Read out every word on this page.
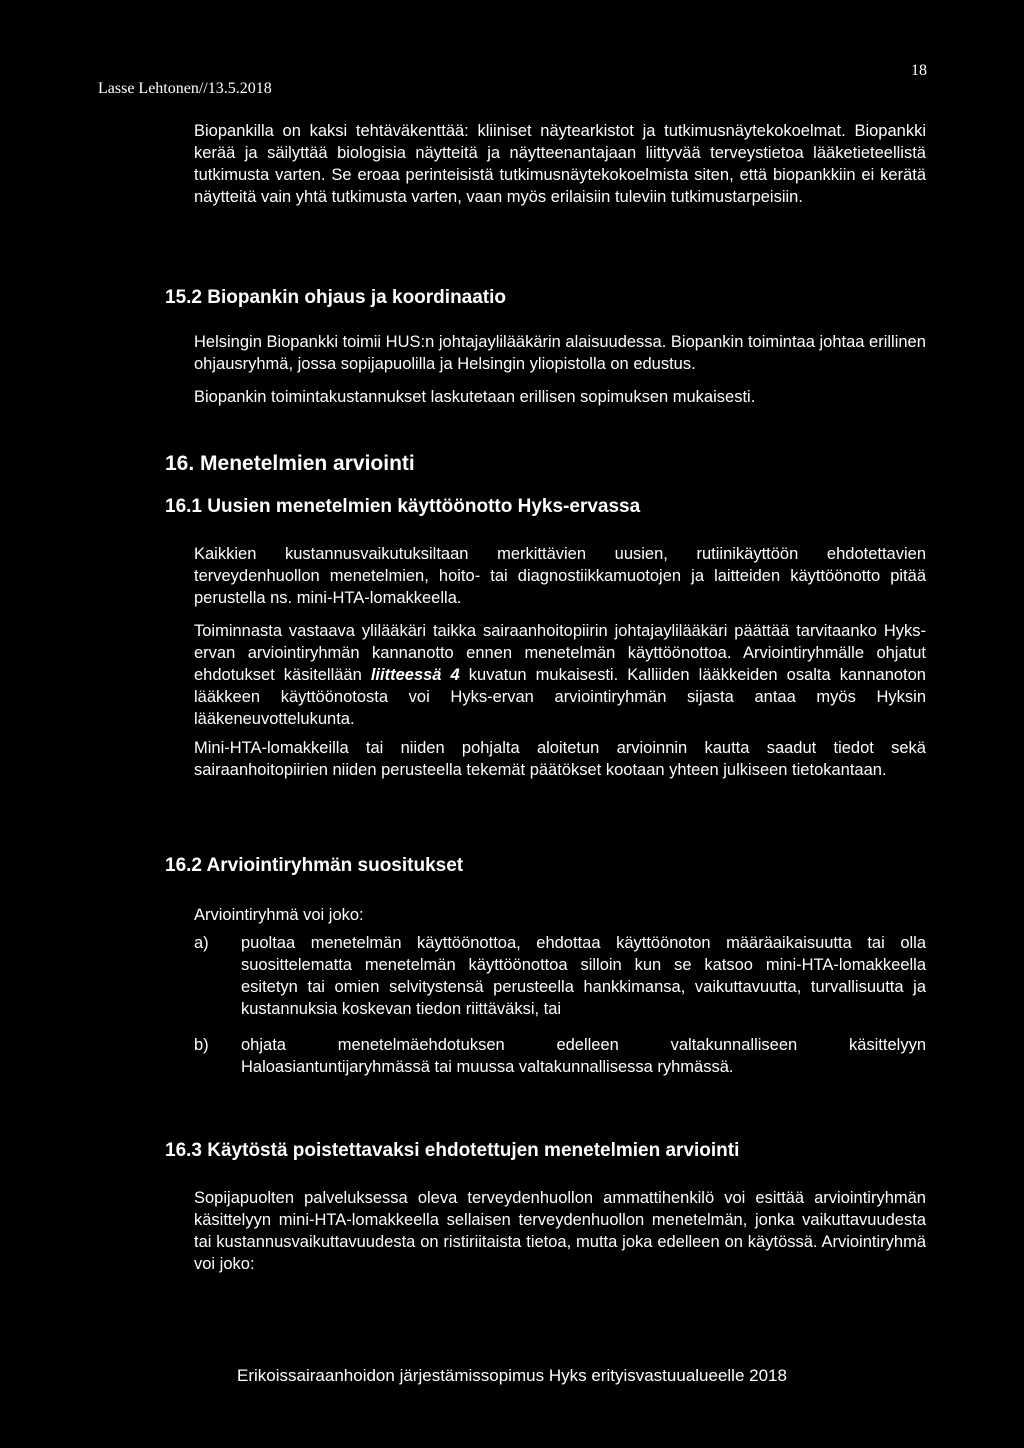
Lasse Lehtonen//13.5.2018
18

Biopankilla on kaksi tehtäväkenttää: kliiniset näytearkistot ja tutkimusnäytekokoelmat. Biopankki kerää ja säilyttää biologisia näytteitä ja näytteenantajaan liittyvää terveystietoa lääketieteellistä tutkimusta varten. Se eroaa perinteisistä tutkimusnäytekokoelmista siten, että biopankkiin ei kerätä näytteitä vain yhtä tutkimusta varten, vaan myös erilaisiin tuleviin tutkimustarpeisiin.

15.2 Biopankin ohjaus ja koordinaatio

Helsingin Biopankki toimii HUS:n johtajaylilääkärin alaisuudessa. Biopankin toimintaa johtaa erillinen ohjausryhmä, jossa sopijapuolilla ja Helsingin yliopistolla on edustus.

Biopankin toimintakustannukset laskutetaan erillisen sopimuksen mukaisesti.

16. Menetelmien arviointi
16.1 Uusien menetelmien käyttöönotto Hyks-ervassa

Kaikkien kustannusvaikutuksiltaan merkittävien uusien, rutiinikäyttöön ehdotettavien terveydenhuollon menetelmien, hoito- tai diagnostiikkamuotojen ja laitteiden käyttöönotto pitää perustella ns. mini-HTA-lomakkeella.

Toiminnasta vastaava ylilääkäri taikka sairaanhoitopiirin johtajaylilääkäri päättää tarvitaanko Hyks-ervan arviointiryhmän kannanotto ennen menetelmän käyttöönottoa. Arviointiryhmälle ohjatut ehdotukset käsitellään liitteessä 4 kuvatun mukaisesti. Kalliiden lääkkeiden osalta kannanoton lääkkeen käyttöönotosta voi Hyks-ervan arviointiryhmän sijasta antaa myös Hyksin lääkeneuvottelukunta.

Mini-HTA-lomakkeilla tai niiden pohjalta aloitetun arvioinnin kautta saadut tiedot sekä sairaanhoitopiirien niiden perusteella tekemät päätökset kootaan yhteen julkiseen tietokantaan.

16.2 Arviointiryhmän suositukset

Arviointiryhmä voi joko:

a)	puoltaa menetelmän käyttöönottoa, ehdottaa käyttöönoton määräaikaisuutta tai olla suosittelematta menetelmän käyttöönottoa silloin kun se katsoo mini-HTA-lomakkeella esitetyn tai omien selvitystensä perusteella hankkimansa, vaikuttavuutta, turvallisuutta ja kustannuksia koskevan tiedon riittäväksi, tai
b)	ohjata menetelmäehdotuksen edelleen valtakunnalliseen käsittelyyn Haloasiantuntijaryhmässä tai muussa valtakunnallisessa ryhmässä.
16.3 Käytöstä poistettavaksi ehdotettujen menetelmien arviointi

Sopijapuolten palveluksessa oleva terveydenhuollon ammattihenkilö voi esittää arviointiryhmän käsittelyyn mini-HTA-lomakkeella sellaisen terveydenhuollon menetelmän, jonka vaikuttavuudesta tai kustannusvaikuttavuudesta on ristiriitaista tietoa, mutta joka edelleen on käytössä. Arviointiryhmä voi joko:

Erikoissairaanhoidon järjestämissopimus Hyks erityisvastuualueelle 2018
